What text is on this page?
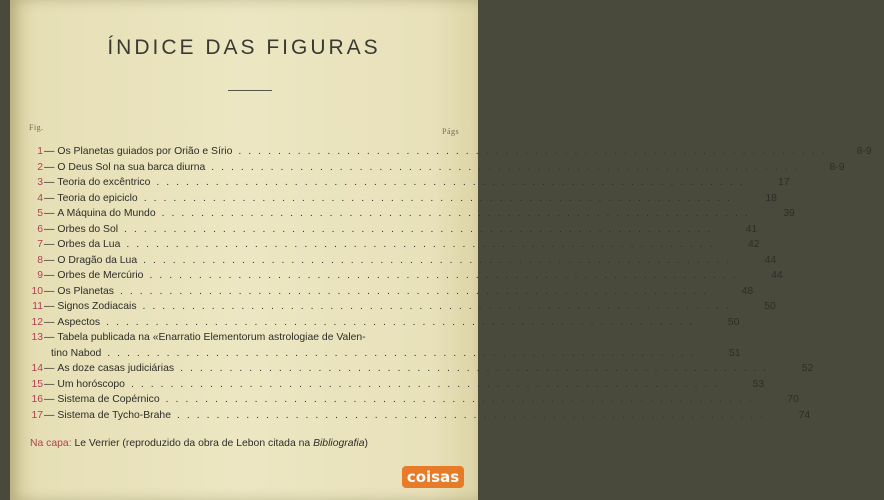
ÍNDICE DAS FIGURAS
Fig.	Págs
1 — Os Planetas guiados por Orião e Sírio ............................................................	8-9
2 — O Deus Sol na sua barca diurna ............................................................	8-9
3 — Teoria do excêntrico ............................................................	17
4 — Teoria do epiciclo ............................................................	18
5 — A Máquina do Mundo ............................................................	39
6 — Orbes do Sol ............................................................	41
7 — Orbes da Lua ............................................................	42
8 — O Dragão da Lua ............................................................	44
9 — Orbes de Mercúrio ............................................................	44
10 — Os Planetas ............................................................	48
11 — Signos Zodiacais ............................................................	50
12 — Aspectos ............................................................	50
13 — Tabela publicada na «Enarratio Elementorum astrologiae de Valen-
tino Nabod ............................................................	51
14 — As doze casas judiciárias ............................................................	52
15 — Um horóscopo ............................................................	53
16 — Sistema de Copérnico ............................................................	70
17 — Sistema de Tycho-Brahe ............................................................	74
Na capa: Le Verrier (reproduzido da obra de Lebon citada na Bibliografia)
coisas
